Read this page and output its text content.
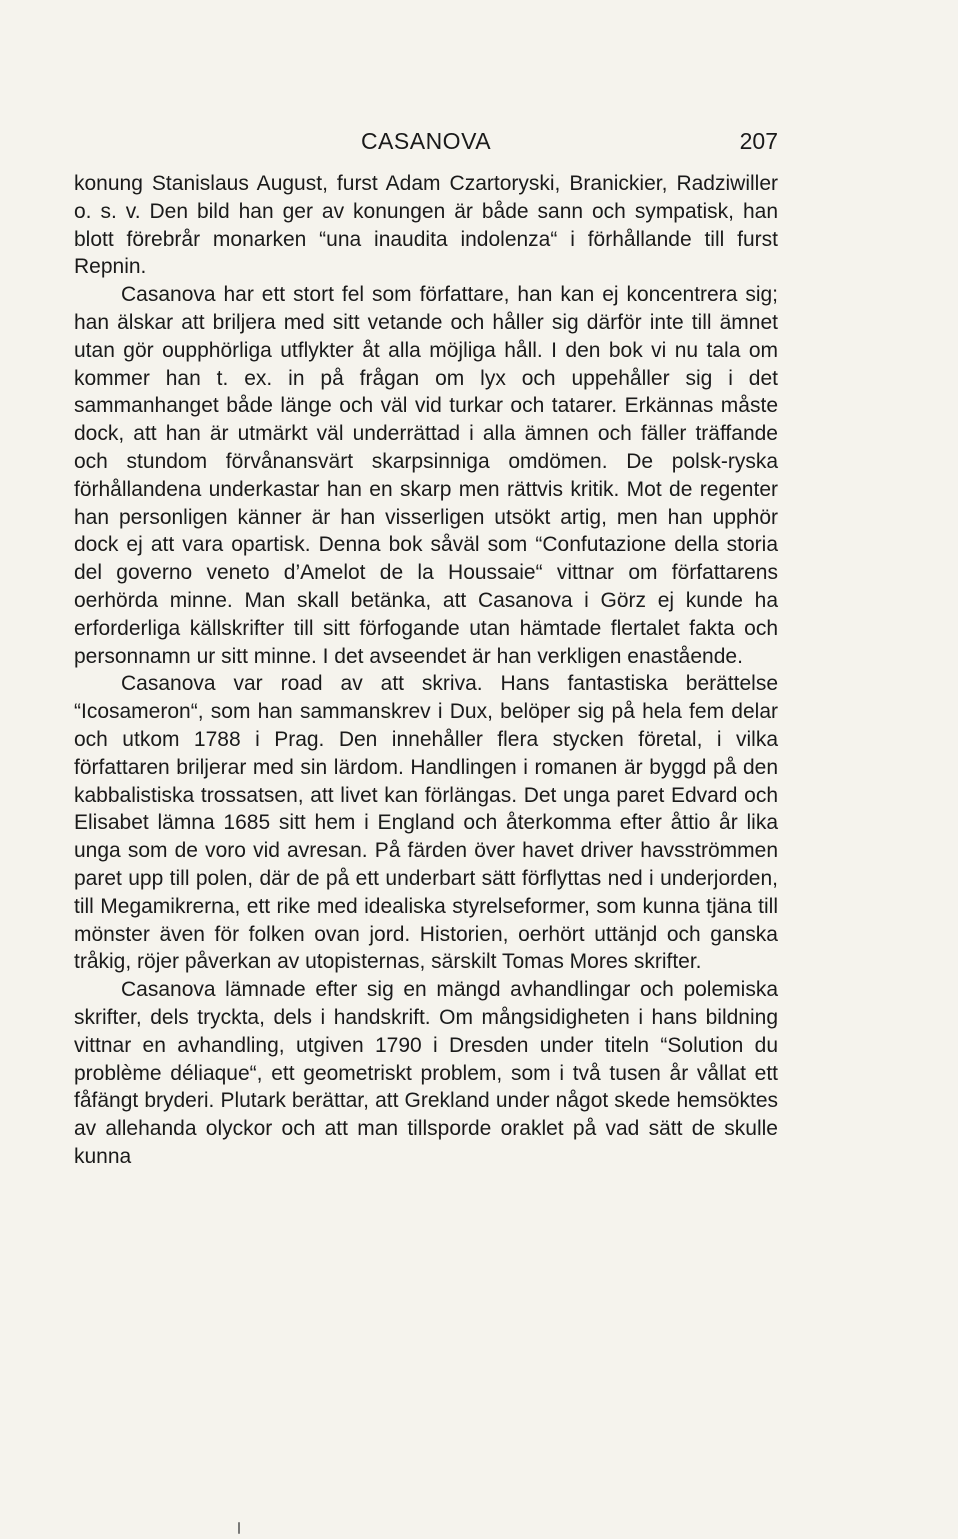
CASANOVA	207

konung Stanislaus August, furst Adam Czartoryski, Branickier, Radziwiller o. s. v. Den bild han ger av konungen är både sann och sympatisk, han blott förebrår monarken “una inaudita indolenza“ i förhållande till furst Repnin.

Casanova har ett stort fel som författare, han kan ej koncentrera sig; han älskar att briljera med sitt vetande och håller sig därför inte till ämnet utan gör oupphörliga utflykter åt alla möjliga håll. I den bok vi nu tala om kommer han t. ex. in på frågan om lyx och uppehåller sig i det sammanhanget både länge och väl vid turkar och tatarer. Erkännas måste dock, att han är utmärkt väl underrättad i alla ämnen och fäller träffande och stundom förvånansvärt skarpsinniga omdömen. De polsk-ryska förhållandena underkastar han en skarp men rättvis kritik. Mot de regenter han personligen känner är han visserligen utsökt artig, men han upphör dock ej att vara opartisk. Denna bok såväl som “Confutazione della storia del governo veneto d’Amelot de la Houssaie“ vittnar om författarens oerhörda minne. Man skall betänka, att Casanova i Görz ej kunde ha erforderliga källskrifter till sitt förfogande utan hämtade flertalet fakta och personnamn ur sitt minne. I det avseendet är han verkligen enastående.

Casanova var road av att skriva. Hans fantastiska berättelse “Icosameron“, som han sammanskrev i Dux, belöper sig på hela fem delar och utkom 1788 i Prag. Den innehåller flera stycken företal, i vilka författaren briljerar med sin lärdom. Handlingen i romanen är byggd på den kabbalistiska trossatsen, att livet kan förlängas. Det unga paret Edvard och Elisabet lämna 1685 sitt hem i England och återkomma efter åttio år lika unga som de voro vid avresan. På färden över havet driver havsströmmen paret upp till polen, där de på ett underbart sätt förflyttas ned i underjorden, till Megamikrerna, ett rike med idealiska styrelseformer, som kunna tjäna till mönster även för folken ovan jord. Historien, oerhört uttänjd och ganska tråkig, röjer påverkan av utopisternas, särskilt Tomas Mores skrifter.

Casanova lämnade efter sig en mängd avhandlingar och polemiska skrifter, dels tryckta, dels i handskrift. Om mångsidigheten i hans bildning vittnar en avhandling, utgiven 1790 i Dresden under titeln “Solution du problème déliaque“, ett geometriskt problem, som i två tusen år vållat ett fåfängt bryderi. Plutark berättar, att Grekland under något skede hemsöktes av allehanda olyckor och att man tillsporde oraklet på vad sätt de skulle kunna
